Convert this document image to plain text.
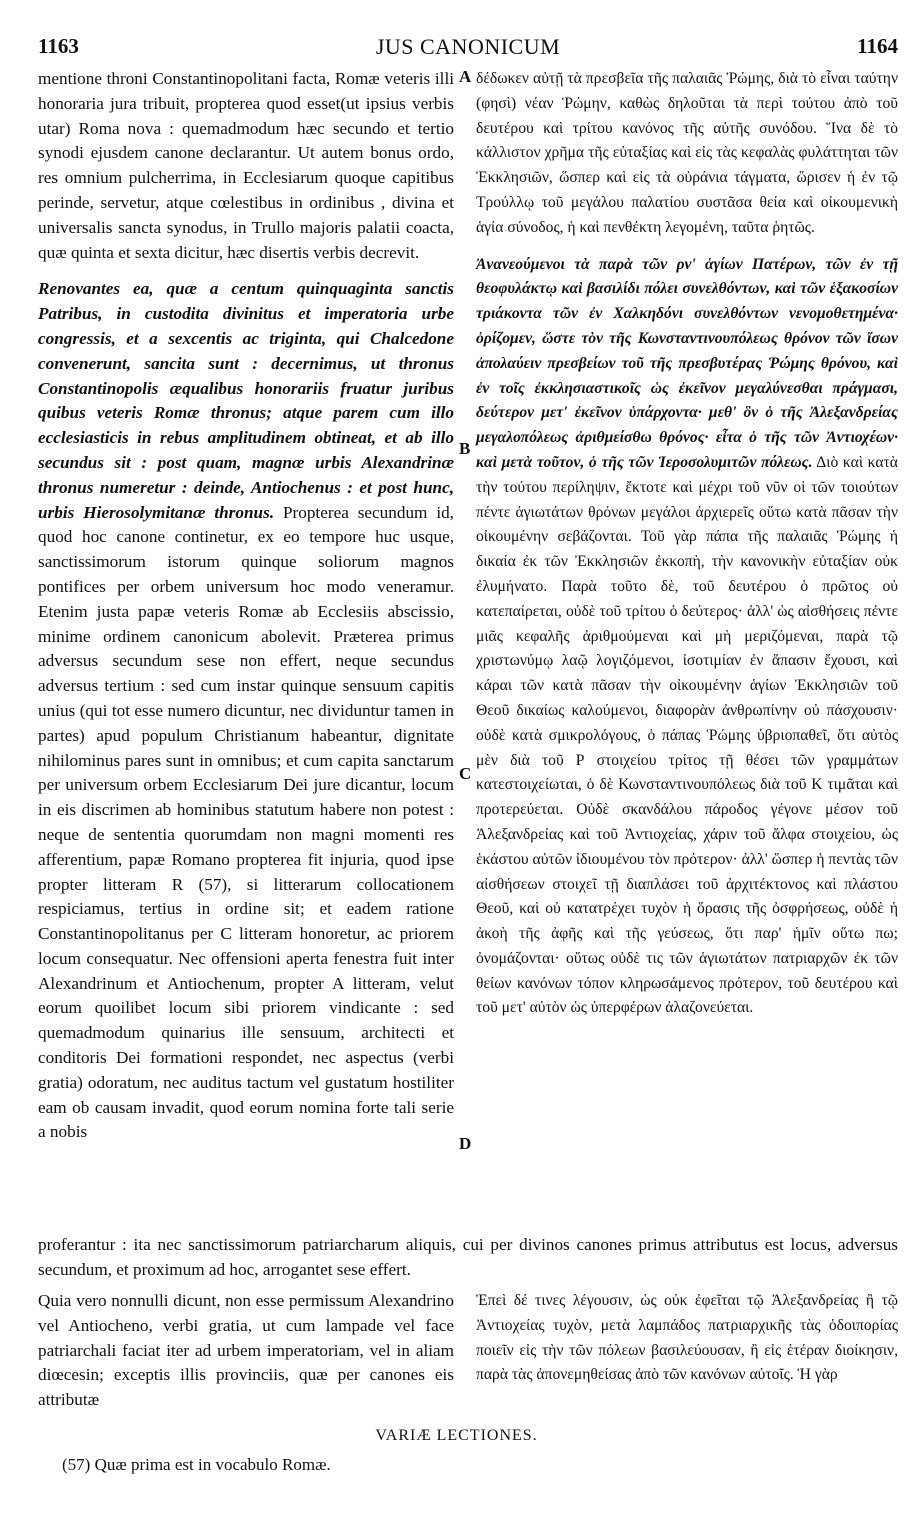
1163	JUS CANONICUM	1164

mentione throni Constantinopolitani facta, Romæ veteris illi honoraria jura tribuit, propterea quod esset(ut ipsius verbis utar) Roma nova : quemadmodum hæc secundo et tertio synodi ejusdem canone declarantur. Ut autem bonus ordo, res omnium pulcherrima, in Ecclesiarum quoque capitibus perinde, servetur, atque cœlestibus in ordinibus , divina et universalis sancta synodus, in Trullo majoris palatii coacta, quæ quinta et sexta dicitur, hæc disertis verbis decrevit.

Renovantes ea, quæ a centum quinquaginta sanctis Patribus, in custodita divinitus et imperatoria urbe congressis, et a sexcentis ac triginta, qui Chalcedone convenerunt, sancita sunt : decernimus, ut thronus Constantinopolis æqualibus honorariis fruatur juribus quibus veteris Romæ thronus; atque parem cum illo ecclesiasticis in rebus amplitudinem obtineat, et ab illo secundus sit : post quam, magnæ urbis Alexandrinæ thronus numeretur : deinde, Antiochenus : et post hunc, urbis Hierosolymitanæ thronus. Propterea secundum id, quod hoc canone continetur, ex eo tempore huc usque, sanctissimorum istorum quinque soliorum magnos pontifices per orbem universum hoc modo veneramur. Etenim justa papæ veteris Romæ ab Ecclesiis abscissio, minime ordinem canonicum abolevit. Præterea primus adversus secundum sese non effert, neque secundus adversus tertium : sed cum instar quinque sensuum capitis unius (qui tot esse numero dicuntur, nec dividuntur tamen in partes) apud populum Christianum habeantur, dignitate nihilominus pares sunt in omnibus; et cum capita sanctarum per universum orbem Ecclesiarum Dei jure dicantur, locum in eis discrimen ab hominibus statutum habere non potest : neque de sententia quorumdam non magni momenti res afferentium, papæ Romano propterea fit injuria, quod ipse propter litteram R (57), si litterarum collocationem respiciamus, tertius in ordine sit; et eadem ratione Constantinopolitanus per C litteram honoretur, ac priorem locum consequatur. Nec offensioni aperta fenestra fuit inter Alexandrinum et Antiochenum, propter A litteram, velut eorum quoilibet locum sibi priorem vindicante : sed quemadmodum quinarius ille sensuum, architecti et conditoris Dei formationi respondet, nec aspectus (verbi gratia) odoratum, nec auditus tactum vel gustatum hostiliter eam ob causam invadit, quod eorum nomina forte tali serie a nobis

δέδωκεν αὐτῇ τὰ πρεσβεῖα τῆς παλαιᾶς Ῥώμης, διὰ τὸ εἶναι ταύτην (φησὶ) νέαν Ῥώμην, καθὼς δηλοῦται τὰ περὶ τούτου ἀπὸ τοῦ δευτέρου καὶ τρίτου κανόνος τῆς αὐτῆς συνόδου. Ἵνα δὲ τὸ κάλλιστον χρῆμα τῆς εὐταξίας καὶ εἰς τὰς κεφαλὰς φυλάττηται τῶν Ἐκκλησιῶν, ὥσπερ καὶ εἰς τὰ οὐράνια τάγματα, ὥρισεν ἡ ἐν τῷ Τρούλλῳ τοῦ μεγάλου παλατίου συστᾶσα θεία καὶ οἰκουμενικὴ ἁγία σύνοδος, ἡ καὶ πενθέκτη λεγομένη, ταῦτα ῥητῶς.

Ἀνανεούμενοι τὰ παρὰ τῶν ρν' ἁγίων Πατέρων, τῶν ἐν τῇ θεοφυλάκτῳ καὶ βασιλίδι πόλει συνελθόντων, καὶ τῶν ἑξακοσίων τριάκοντα τῶν ἐν Χαλκηδόνι συνελθόντων νενομοθετημένα· ὁρίζομεν, ὥστε τὸν τῆς Κωνσταντινουπόλεως θρόνον τῶν ἴσων ἀπολαύειν πρεσβείων τοῦ τῆς πρεσβυτέρας Ῥώμης θρόνου, καὶ ἐν τοῖς ἐκκλησιαστικοῖς ὡς ἐκεῖνον μεγαλύνεσθαι πράγμασι, δεύτερον μετ' ἐκεῖνον ὑπάρχοντα· μεθ' ὃν ὁ τῆς Ἀλεξανδρείας μεγαλοπόλεως ἀριθμείσθω θρόνος· εἶτα ὁ τῆς τῶν Ἀντιοχέων· καὶ μετὰ τοῦτον, ὁ τῆς τῶν Ἱεροσολυμιτῶν πόλεως. Διὸ καὶ κατὰ τὴν τούτου περίληψιν, ἔκτοτε καὶ μέχρι τοῦ νῦν οἱ τῶν τοιούτων πέντε ἁγιωτάτων θρόνων μεγάλοι ἀρχιερεῖς οὕτω κατὰ πᾶσαν τὴν οἰκουμένην σεβάζονται. Τοῦ γὰρ πάπα τῆς παλαιᾶς Ῥώμης ἡ δικαία ἐκ τῶν Ἐκκλησιῶν ἐκκοπὴ, τὴν κανονικὴν εὐταξίαν οὐκ ἐλυμήνατο. Παρὰ τοῦτο δὲ, τοῦ δευτέρου ὁ πρῶτος οὐ κατεπαίρεται, οὐδὲ τοῦ τρίτου ὁ δεύτερος· ἀλλ' ὡς αἰσθήσεις πέντε μιᾶς κεφαλῆς ἀριθμούμεναι καὶ μὴ μεριζόμεναι, παρὰ τῷ χριστωνύμῳ λαῷ λογιζόμενοι, ἰσοτιμίαν ἐν ἅπασιν ἔχουσι, καὶ κάραι τῶν κατὰ πᾶσαν τὴν οἰκουμένην ἁγίων Ἐκκλησιῶν τοῦ Θεοῦ δικαίως καλούμενοι, διαφορὰν ἀνθρωπίνην οὐ πάσχουσιν· οὐδὲ κατὰ σμικρολόγους, ὁ πάπας Ῥώμης ὑβριοπαθεῖ, ὅτι αὐτὸς μὲν διὰ τοῦ Ρ στοιχείου τρίτος τῇ θέσει τῶν γραμμάτων κατεστοιχείωται, ὁ δὲ Κωνσταντινουπόλεως διὰ τοῦ Κ τιμᾶται καὶ προτερεύεται. Οὐδὲ σκανδάλου πάροδος γέγονε μέσον τοῦ Ἀλεξανδρείας καὶ τοῦ Ἀντιοχείας, χάριν τοῦ ἄλφα στοιχείου, ὡς ἑκάστου αὐτῶν ἰδιουμένου τὸν πρότερον· ἀλλ' ὥσπερ ἡ πεντὰς τῶν αἰσθήσεων στοιχεῖ τῇ διαπλάσει τοῦ ἀρχιτέκτονος καὶ πλάστου Θεοῦ, καὶ οὐ κατατρέχει τυχὸν ἡ ὅρασις τῆς ὀσφρήσεως, οὐδὲ ἡ ἀκοὴ τῆς ἀφῆς καὶ τῆς γεύσεως, ὅτι παρ' ἡμῖν οὕτω πω; ὀνομάζονται· οὕτως οὐδὲ τις τῶν ἁγιωτάτων πατριαρχῶν ἐκ τῶν θείων κανόνων τόπον κληρωσάμενος πρότερον, τοῦ δευτέρου καὶ τοῦ μετ' αὐτὸν ὡς ὑπερφέρων ἀλαζονεύεται.

A
B
C
D

proferantur : ita nec sanctissimorum patriarcharum aliquis, cui per divinos canones primus attributus est locus, adversus secundum, et proximum ad hoc, arrogantet sese effert.

Quia vero nonnulli dicunt, non esse permissum Alexandrino vel Antiocheno, verbi gratia, ut cum lampade vel face patriarchali faciat iter ad urbem imperatoriam, vel in aliam diœcesin; exceptis illis provinciis, quæ per canones eis attributæ

Ἐπεὶ δέ τινες λέγουσιν, ὡς οὐκ ἐφεῖται τῷ Ἀλεξανδρείας ἢ τῷ Ἀντιοχείας τυχὸν, μετὰ λαμπάδος πατριαρχικῆς τὰς ὁδοιπορίας ποιεῖν εἰς τὴν τῶν πόλεων βασιλεύουσαν, ἢ εἰς ἑτέραν διοίκησιν, παρὰ τὰς ἀπονεμηθείσας ἀπὸ τῶν κανόνων αὐτοῖς. Ἡ γὰρ

VARIÆ LECTIONES.
(57) Quæ prima est in vocabulo Romæ.
